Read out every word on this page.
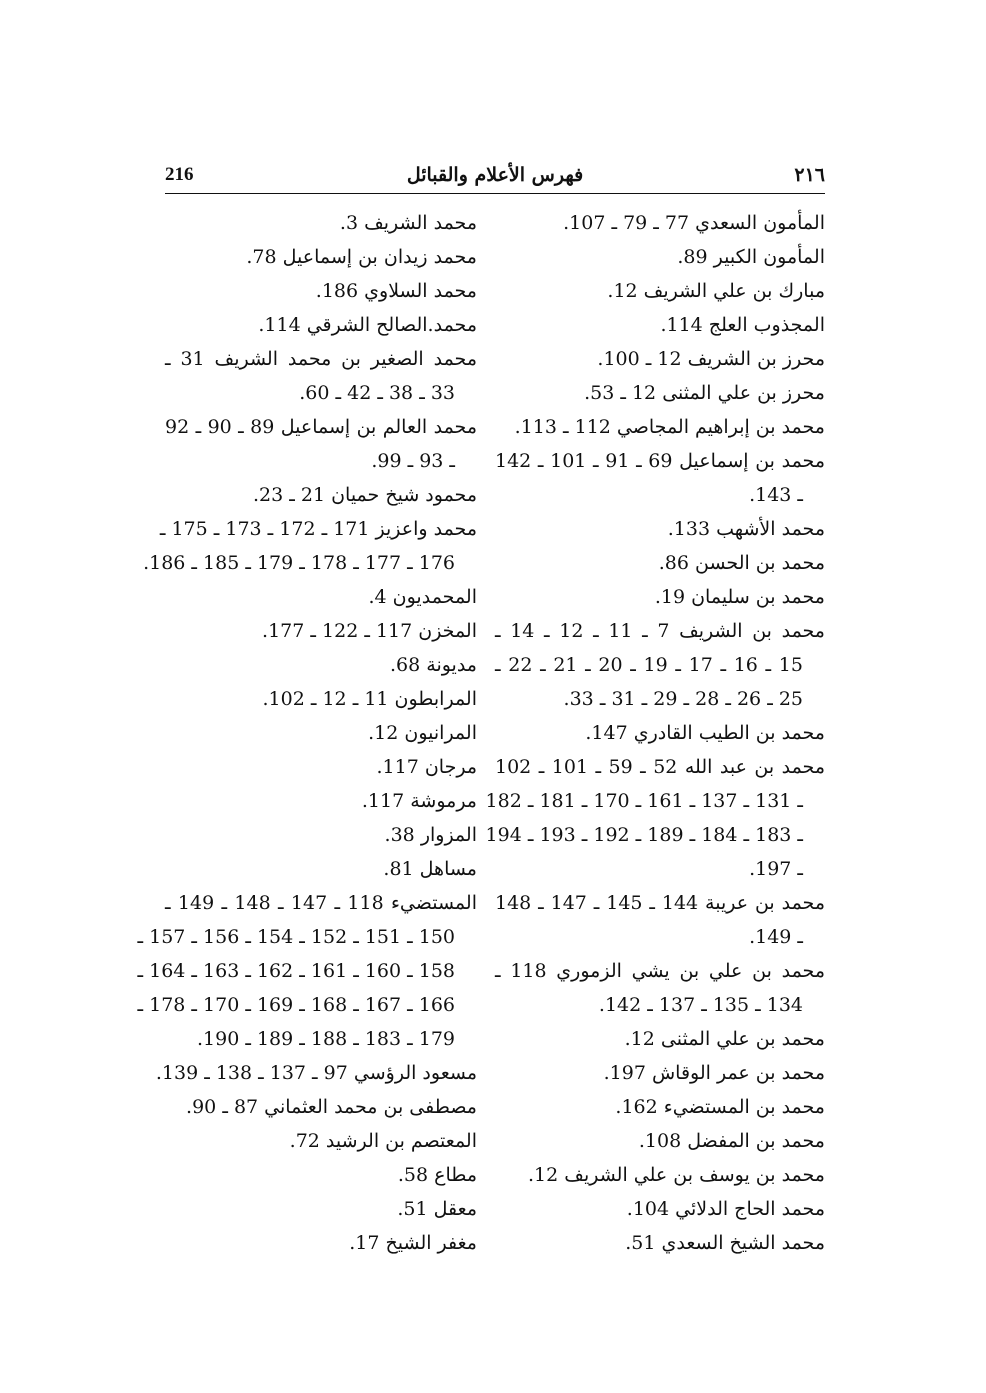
٢١٦
فهرس الأعلام والقبائل
216
المأمون السعدي 77 ـ 79 ـ 107.
المأمون الكبير 89.
مبارك بن علي الشريف 12.
المجذوب العلج 114.
محرز بن الشريف 12 ـ 100.
محرز بن علي المثنى 12 ـ 53.
محمد بن إبراهيم المجاصي 112 ـ 113.
محمد بن إسماعيل 69 ـ 91 ـ 101 ـ 142
ـ 143.
محمد الأشهب 133.
محمد بن الحسن 86.
محمد بن سليمان 19.
محمد بن الشريف 7 ـ 11 ـ 12 ـ 14 ـ
15 ـ 16 ـ 17 ـ 19 ـ 20 ـ 21 ـ 22 ـ
25 ـ 26 ـ 28 ـ 29 ـ 31 ـ 33.
محمد بن الطيب القادري 147.
محمد بن عبد الله 52 ـ 59 ـ 101 ـ 102
ـ 131 ـ 137 ـ 161 ـ 170 ـ 181 ـ 182
ـ 183 ـ 184 ـ 189 ـ 192 ـ 193 ـ 194
ـ 197.
محمد بن عريبة 144 ـ 145 ـ 147 ـ 148
ـ 149.
محمد بن علي بن يشي الزموري 118 ـ
134 ـ 135 ـ 137 ـ 142.
محمد بن علي المثنى 12.
محمد بن عمر الوقاش 197.
محمد بن المستضيء 162.
محمد بن المفضل 108.
محمد بن يوسف بن علي الشريف 12.
محمد الحاج الدلائي 104.
محمد الشيخ السعدي 51.
محمد الشريف 3.
محمد زيدان بن إسماعيل 78.
محمد السلاوي 186.
محمد.الصالح الشرقي 114.
محمد الصغير بن محمد الشريف 31 ـ
33 ـ 38 ـ 42 ـ 60.
محمد العالم بن إسماعيل 89 ـ 90 ـ 92
ـ 93 ـ 99.
محمود شيخ حميان 21 ـ 23.
محمد واعزيز 171 ـ 172 ـ 173 ـ 175 ـ
176 ـ 177 ـ 178 ـ 179 ـ 185 ـ 186.
المحمديون 4.
المخزن 117 ـ 122 ـ 177.
مديونة 68.
المرابطون 11 ـ 12 ـ 102.
المرانيون 12.
مرجان 117.
مرموشة 117.
المزوار 38.
مساهل 81.
المستضيء 118 ـ 147 ـ 148 ـ 149 ـ
150 ـ 151 ـ 152 ـ 154 ـ 156 ـ 157 ـ
158 ـ 160 ـ 161 ـ 162 ـ 163 ـ 164 ـ
166 ـ 167 ـ 168 ـ 169 ـ 170 ـ 178 ـ
179 ـ 183 ـ 188 ـ 189 ـ 190.
مسعود الرؤسي 97 ـ 137 ـ 138 ـ 139.
مصطفى بن محمد العثماني 87 ـ 90.
المعتصم بن الرشيد 72.
مطاع 58.
معقل 51.
مغفر الشيخ 17.
